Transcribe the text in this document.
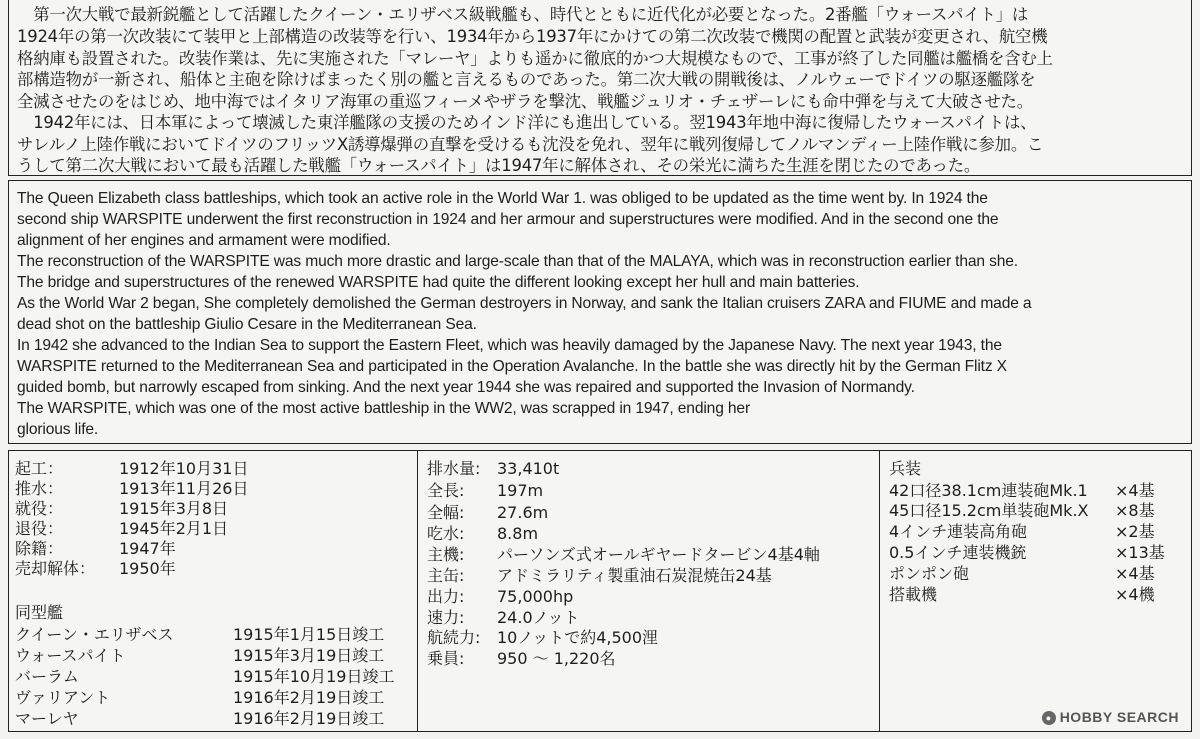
　第一次大戦で最新鋭艦として活躍したクイーン・エリザベス級戦艦も、時代とともに近代化が必要となった。2番艦「ウォースパイト」は
1924年の第一次改装にて装甲と上部構造の改装等を行い、1934年から1937年にかけての第二次改装で機関の配置と武装が変更され、航空機
格納庫も設置された。改装作業は、先に実施された「マレーヤ」よりも遥かに徹底的かつ大規模なもので、工事が終了した同艦は艦橋を含む上
部構造物が一新され、船体と主砲を除けばまったく別の艦と言えるものであった。第二次大戦の開戦後は、ノルウェーでドイツの駆逐艦隊を
全滅させたのをはじめ、地中海ではイタリア海軍の重巡フィーメやザラを撃沈、戦艦ジュリオ・チェザーレにも命中弾を与えて大破させた。
　1942年には、日本軍によって壊滅した東洋艦隊の支援のためインド洋にも進出している。翌1943年地中海に復帰したウォースパイトは、
サレルノ上陸作戦においてドイツのフリッツX誘導爆弾の直撃を受けるも沈没を免れ、翌年に戦列復帰してノルマンディー上陸作戦に参加。こ
うして第二次大戦において最も活躍した戦艦「ウォースパイト」は1947年に解体され、その栄光に満ちた生涯を閉じたのであった。
The Queen Elizabeth class battleships, which took an active role in the World War 1. was obliged to be updated as the time went by. In 1924 the
second ship WARSPITE underwent the first reconstruction in 1924 and her armour and superstructures were modified. And in the second one the
alignment of her engines and armament were modified.
The reconstruction of the WARSPITE was much more drastic and large-scale than that of the MALAYA, which was in reconstruction earlier than she.
The bridge and superstructures of the renewed WARSPITE had quite the different looking except her hull and main batteries.
As the World War 2 began, She completely demolished the German destroyers in Norway, and sank the Italian cruisers ZARA and FIUME and made a
dead shot on the battleship Giulio Cesare in the Mediterranean Sea.
In 1942 she advanced to the Indian Sea to support the Eastern Fleet, which was heavily damaged by the Japanese Navy. The next year 1943, the
WARSPITE returned to the Mediterranean Sea and participated in the Operation Avalanche. In the battle she was directly hit by the German Flitz X
guided bomb, but narrowly escaped from sinking. And the next year 1944 she was repaired and supported the Invasion of Normandy.
The WARSPITE, which was one of the most active battleship in the WW2, was scrapped in 1947, ending her
glorious life.
起工：	1912年10月31日
推水：	1913年11月26日
就役：	1915年3月8日
退役：	1945年2月1日
除籍：	1947年
売却解体： 1950年
同型艦
クイーン・エリザベス	1915年1月15日竣工
ウォースパイト	1915年3月19日竣工
バーラム	1915年10月19日竣工
ヴァリアント	1916年2月19日竣工
マーレヤ	1916年2月19日竣工
排水量: 33,410t
全長: 197m
全幅: 27.6m
吃水: 8.8m
主機: パーソンズ式オールギヤードタービン4基4軸
主缶: アドミラリティ製重油石炭混焼缶24基
出力: 75,000hp
速力: 24.0ノット
航続力: 10ノットで約4,500浬
乗員: 950 ～ 1,220名
兵装
42口径38.1cm連装砲Mk.1 ×4基
45口径15.2cm単装砲Mk.X ×8基
4インチ連装高角砲	×2基
0.5インチ連装機銃	×13基
ポンポン砲	×4基
搭載機	×4機
● HOBBY SEARCH
